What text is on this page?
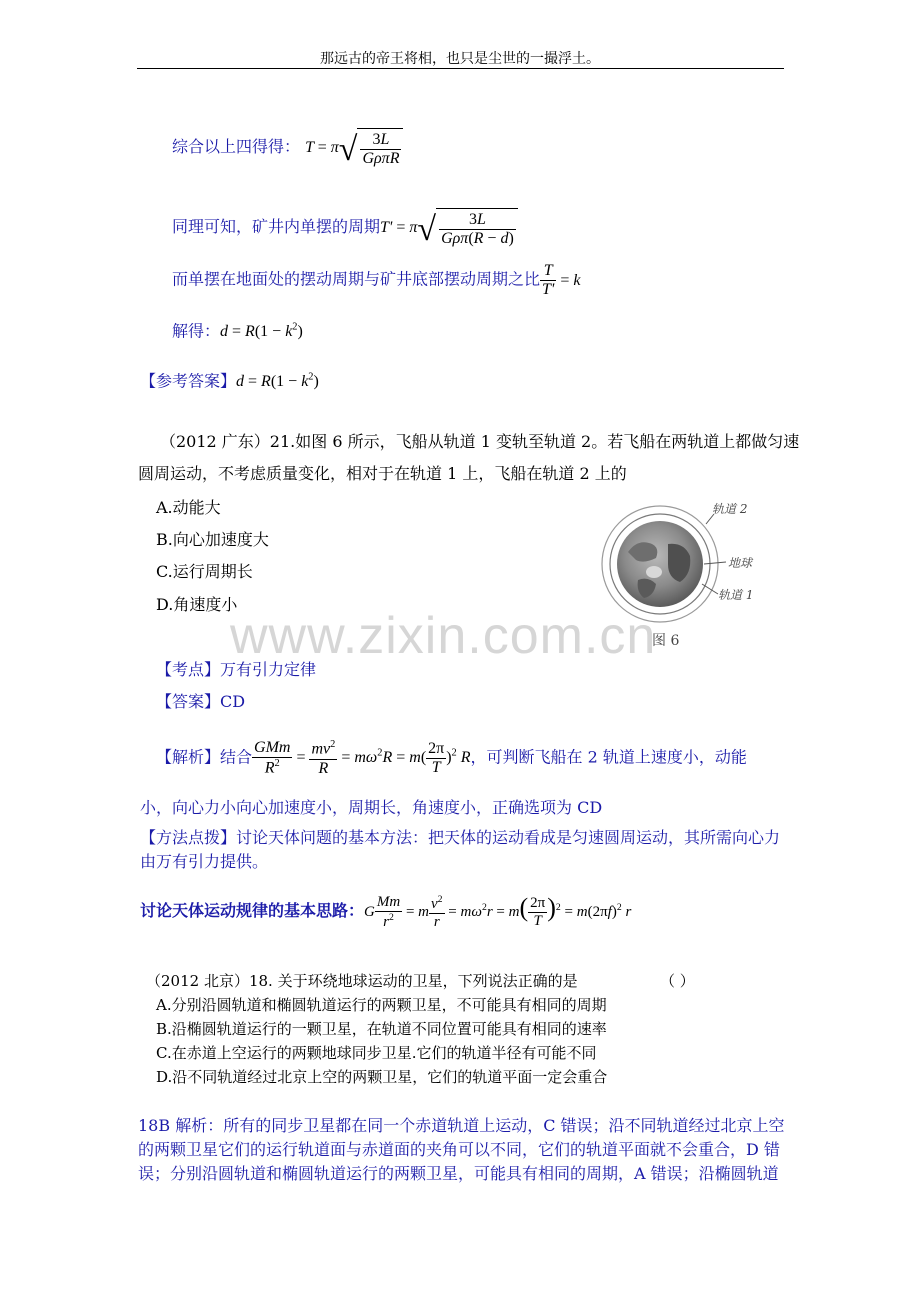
那远古的帝王将相，也只是尘世的一撮浮土。
综合以上四得得： $T = \pi√ \frac{3L}{\text{GρπR}}$
同理可知，矿井内单摆的周期$T' = \pi√ \frac{3L}{\text{Gρπ(R − d)}}$
而单摆在地面处的摆动周期与矿井底部摆动周期之比 $\frac{T}{T'} = k$
解得：$d = R(1 - k^2)$
【参考答案】$d = R(1 - k^2)$
（2012 广东）21.如图 6 所示，飞船从轨道 1 变轨至轨道 2。若飞船在两轨道上都做匀速
圆周运动，不考虑质量变化，相对于在轨道 1 上，飞船在轨道 2 上的
A.动能大
B.向心加速度大
C.运行周期长
D.角速度小
轨道 2
地球
轨道 1
图 6
www.zixin.com.cn
【考点】万有引力定律
【答案】CD
【解析】结合 $\frac{\text{GMm}}{R^2} = \frac{mv^2}{R} = m\omega^2R = m( \frac{2\pi}{T} )^2$ R，可判断飞船在 2 轨道上速度小，动能
小，向心力小向心加速度小，周期长，角速度小，正确选项为 CD
【方法点拨】讨论天体问题的基本方法：把天体的运动看成是匀速圆周运动，其所需向心力
由万有引力提供。
讨论天体运动规律的基本思路：G $\frac{Mm}{r^2} = m \frac{v^2}{r} = m\omega^2r = m( \frac{2\pi}{T} )^2 = m(2\pi f)^2$ r
（2012 北京）18. 关于环绕地球运动的卫星，下列说法正确的是	（ ）
A.分别沿圆轨道和椭圆轨道运行的两颗卫星，不可能具有相同的周期
B.沿椭圆轨道运行的一颗卫星，在轨道不同位置可能具有相同的速率
C.在赤道上空运行的两颗地球同步卫星.它们的轨道半径有可能不同
D.沿不同轨道经过北京上空的两颗卫星，它们的轨道平面一定会重合
18B 解析：所有的同步卫星都在同一个赤道轨道上运动，C 错误；沿不同轨道经过北京上空
的两颗卫星它们的运行轨道面与赤道面的夹角可以不同，它们的轨道平面就不会重合，D 错
误；分别沿圆轨道和椭圆轨道运行的两颗卫星，可能具有相同的周期，A 错误；沿椭圆轨道
